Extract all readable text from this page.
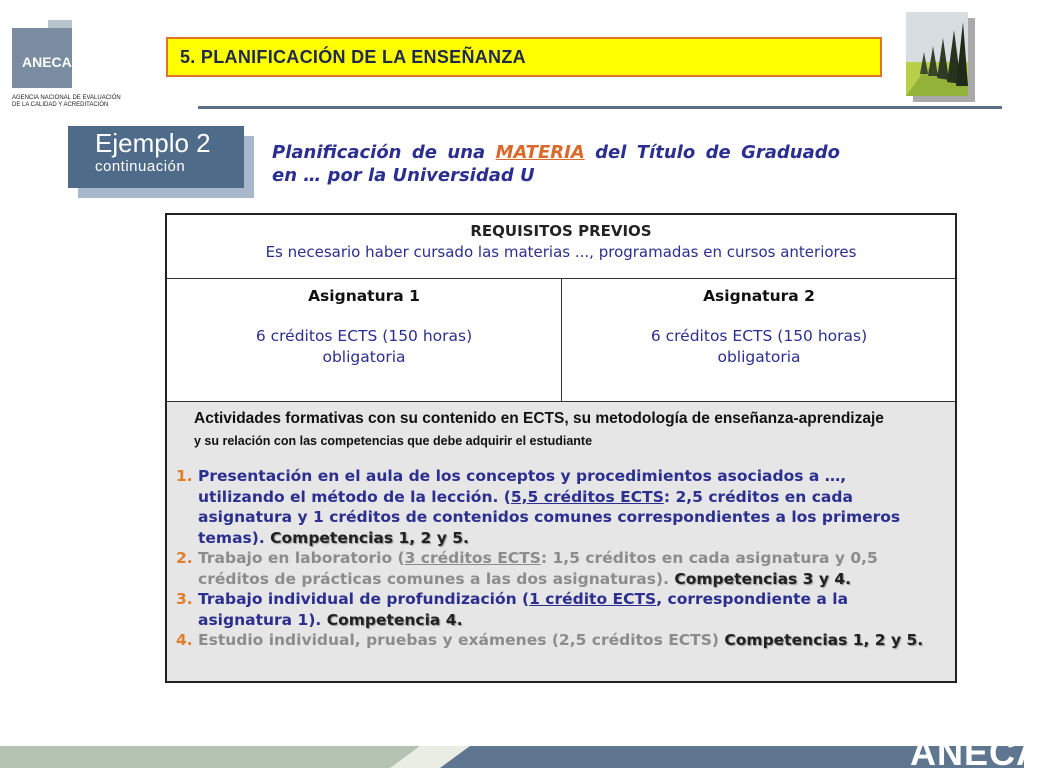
ANECA
AGENCIA NACIONAL DE EVALUACIÓN
DE LA CALIDAD Y ACREDITACIÓN
5. PLANIFICACIÓN DE LA ENSEÑANZA
Ejemplo 2
continuación
Planificación de una MATERIA del Título de Graduado en … por la Universidad U
REQUISITOS PREVIOS
Es necesario haber cursado las materias ..., programadas en cursos anteriores
Asignatura 1
6 créditos ECTS (150 horas)
obligatoria
Asignatura 2
6 créditos ECTS (150 horas)
obligatoria
Actividades formativas con su contenido en ECTS, su metodología de enseñanza-aprendizaje y su relación con las competencias que debe adquirir el estudiante
1. Presentación en el aula de los conceptos y procedimientos asociados a …, utilizando el método de la lección. (5,5 créditos ECTS: 2,5 créditos en cada asignatura y 1 créditos de contenidos comunes correspondientes a los primeros temas). Competencias 1, 2 y 5.
2. Trabajo en laboratorio (3 créditos ECTS: 1,5 créditos en cada asignatura y 0,5 créditos de prácticas comunes a las dos asignaturas). Competencias 3 y 4.
3. Trabajo individual de profundización (1 crédito ECTS, correspondiente a la asignatura 1). Competencia 4.
4. Estudio individual, pruebas y exámenes (2,5 créditos ECTS) Competencias 1, 2 y 5.
ANECA
